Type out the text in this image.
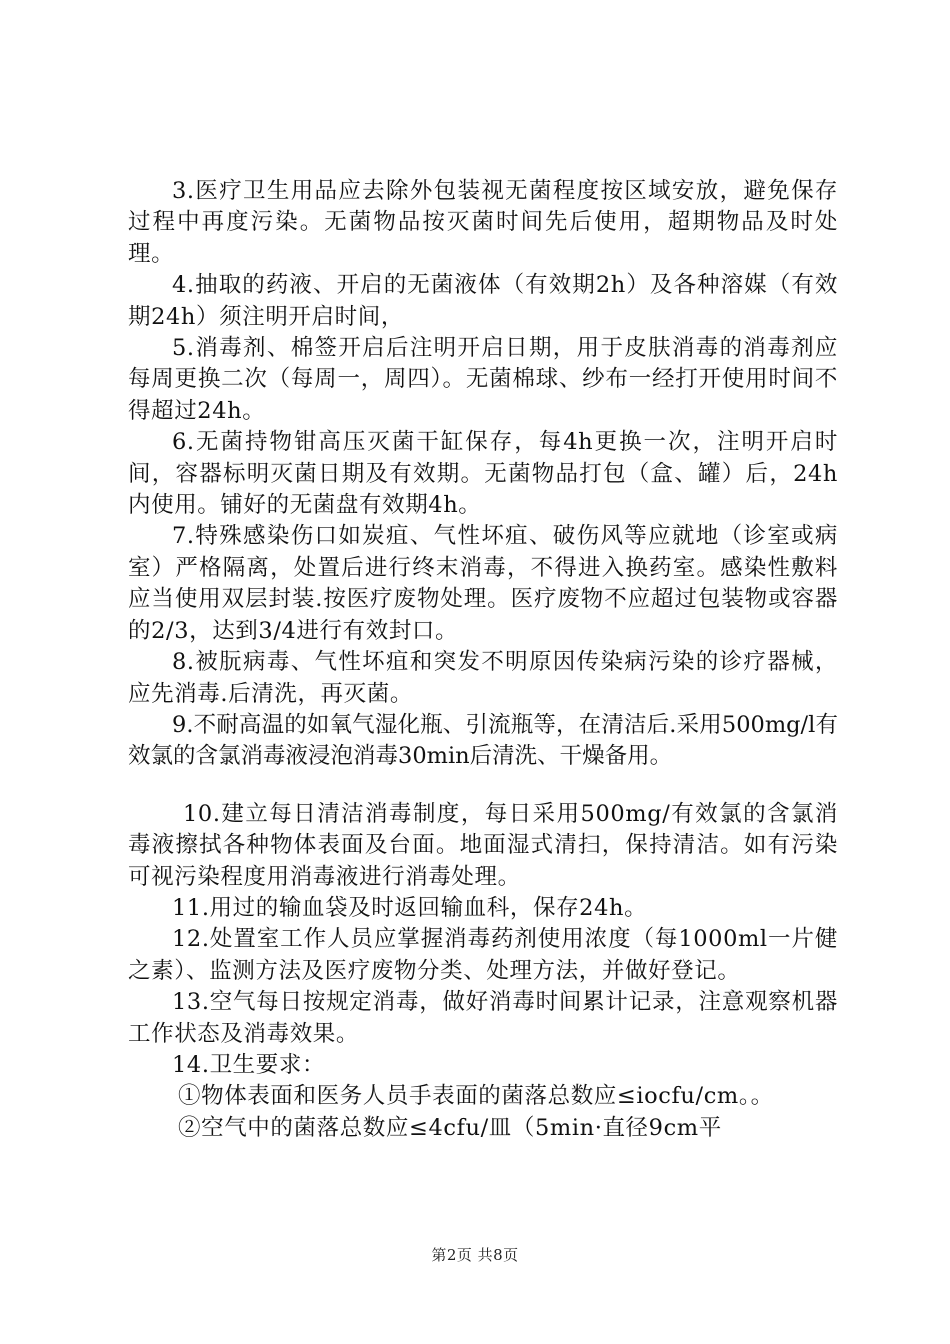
3.医疗卫生用品应去除外包装视无菌程度按区域安放，避免保存过程中再度污染。无菌物品按灭菌时间先后使用，超期物品及时处理。

4.抽取的药液、开启的无菌液体（有效期2h）及各种溶媒（有效期24h）须注明开启时间，

5.消毒剂、棉签开启后注明开启日期，用于皮肤消毒的消毒剂应每周更换二次（每周一，周四）。无菌棉球、纱布一经打开使用时间不得超过24h。

6.无菌持物钳高压灭菌干缸保存，每4h更换一次，注明开启时间，容器标明灭菌日期及有效期。无菌物品打包（盒、罐）后，24h内使用。铺好的无菌盘有效期4h。

7.特殊感染伤口如炭疽、气性坏疽、破伤风等应就地（诊室或病室）严格隔离，处置后进行终末消毒，不得进入换药室。感染性敷料应当使用双层封装.按医疗废物处理。医疗废物不应超过包装物或容器的2/3，达到3/4进行有效封口。

8.被朊病毒、气性坏疽和突发不明原因传染病污染的诊疗器械，应先消毒.后清洗，再灭菌。

9.不耐高温的如氧气湿化瓶、引流瓶等，在清洁后.采用500mg/l有效氯的含氯消毒液浸泡消毒30min后清洗、干燥备用。

10.建立每日清洁消毒制度，每日采用500mg/有效氯的含氯消毒液擦拭各种物体表面及台面。地面湿式清扫，保持清洁。如有污染可视污染程度用消毒液进行消毒处理。

11.用过的输血袋及时返回输血科，保存24h。

12.处置室工作人员应掌握消毒药剂使用浓度（每1000ml一片健之素）、监测方法及医疗废物分类、处理方法，并做好登记。

13.空气每日按规定消毒，做好消毒时间累计记录，注意观察机器工作状态及消毒效果。

14.卫生要求：

①物体表面和医务人员手表面的菌落总数应≤iocfu/cm。。

②空气中的菌落总数应≤4cfu/皿（5min·直径9cm平

第2页 共8页
